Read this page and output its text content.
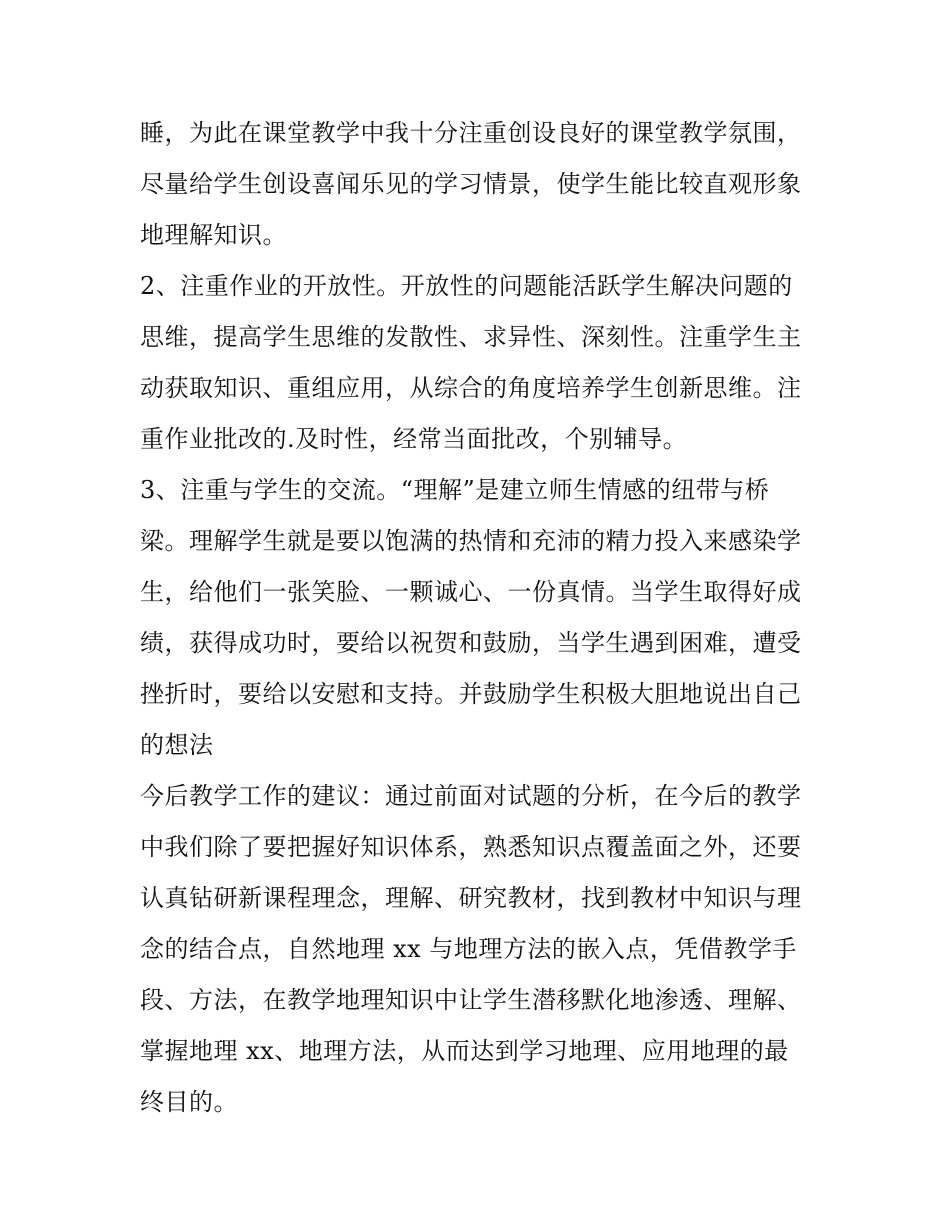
睡，为此在课堂教学中我十分注重创设良好的课堂教学氛围，
尽量给学生创设喜闻乐见的学习情景，使学生能比较直观形象
地理解知识。
2、注重作业的开放性。开放性的问题能活跃学生解决问题的
思维，提高学生思维的发散性、求异性、深刻性。注重学生主
动获取知识、重组应用，从综合的角度培养学生创新思维。注
重作业批改的.及时性，经常当面批改，个别辅导。
3、注重与学生的交流。“理解”是建立师生情感的纽带与桥
梁。理解学生就是要以饱满的热情和充沛的精力投入来感染学
生，给他们一张笑脸、一颗诚心、一份真情。当学生取得好成
绩，获得成功时，要给以祝贺和鼓励，当学生遇到困难，遭受
挫折时，要给以安慰和支持。并鼓励学生积极大胆地说出自己
的想法
今后教学工作的建议：通过前面对试题的分析，在今后的教学
中我们除了要把握好知识体系，熟悉知识点覆盖面之外，还要
认真钻研新课程理念，理解、研究教材，找到教材中知识与理
念的结合点，自然地理 xx 与地理方法的嵌入点，凭借教学手
段、方法，在教学地理知识中让学生潜移默化地渗透、理解、
掌握地理 xx、地理方法，从而达到学习地理、应用地理的最
终目的。
